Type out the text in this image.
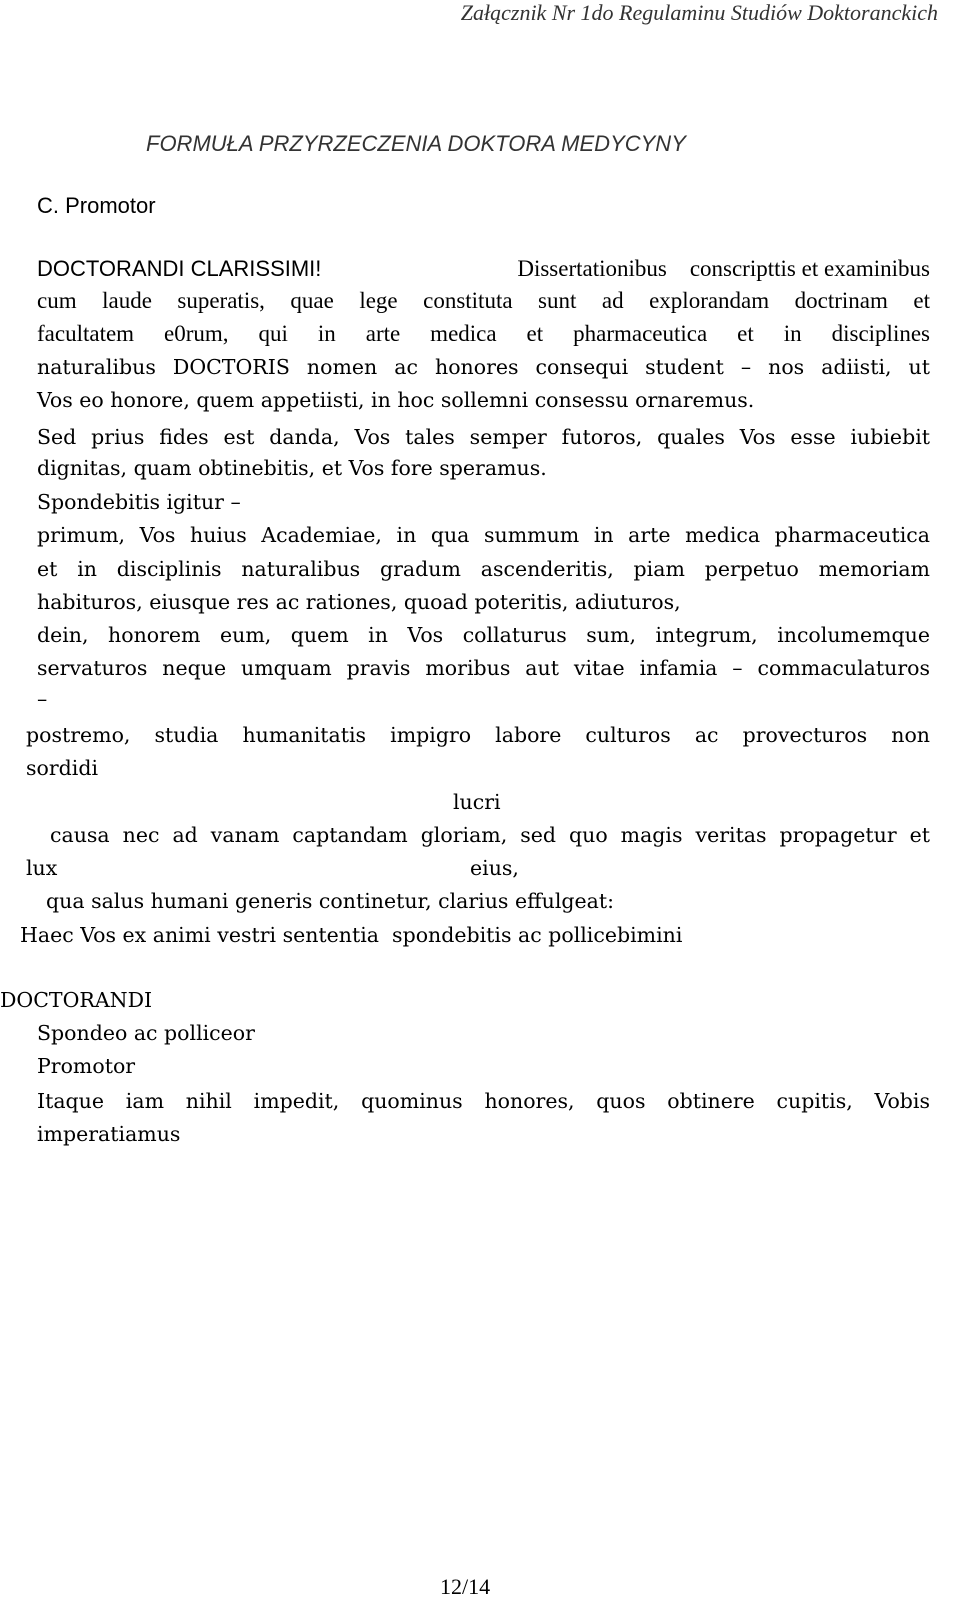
Załącznik Nr 1do Regulaminu Studiów Doktoranckich
FORMUŁA PRZYRZECZENIA DOKTORA MEDYCYNY
C. Promotor
DOCTORANDI CLARISSIMI!	Dissertationibus    conscripttis et examinibus
cum laude superatis, quae lege constituta sunt ad explorandam doctrinam et
facultatem e0rum, qui in arte medica et pharmaceutica et in disciplines
naturalibus DOCTORIS nomen ac honores consequi student – nos adiisti, ut
Vos eo honore, quem appetiisti, in hoc sollemni consessu ornaremus.
Sed prius fides est danda, Vos tales semper futoros, quales Vos esse iubiebit
dignitas, quam obtinebitis, et Vos fore speramus.
Spondebitis igitur –
primum, Vos huius Academiae, in qua summum in arte medica pharmaceutica
et in disciplinis naturalibus gradum ascenderitis, piam perpetuo memoriam
habituros, eiusque res ac rationes, quoad poteritis, adiuturos,
dein, honorem eum, quem in Vos collaturus sum, integrum, incolumemque
servaturos neque umquam pravis moribus aut vitae infamia – commaculaturos
–
postremo, studia humanitatis impigro labore culturos ac provecturos non
sordidi
lucri
causa nec ad vanam captandam gloriam, sed quo magis veritas propagetur et
lux	eius,
qua salus humani generis continetur, clarius effulgeat:
Haec Vos ex animi vestri sententia  spondebitis ac pollicebimini
DOCTORANDI
Spondeo ac polliceor
Promotor
Itaque iam nihil impedit, quominus honores, quos obtinere cupitis, Vobis
imperatiamus
12/14
